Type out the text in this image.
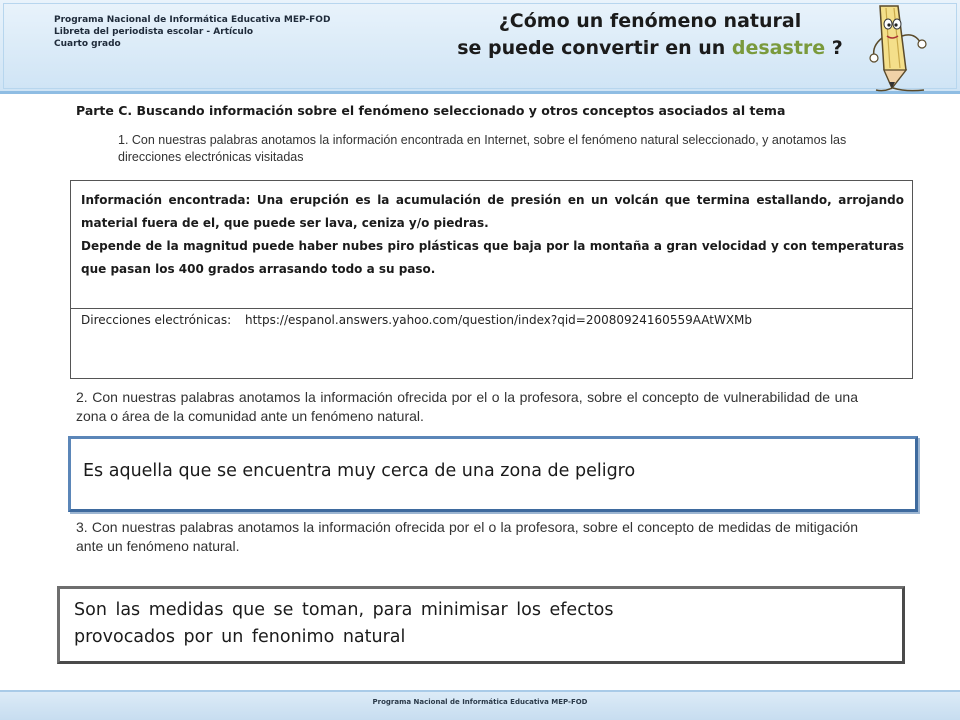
Programa Nacional de Informática Educativa MEP-FOD
Libreta del periodista escolar - Artículo
Cuarto grado
¿Cómo un fenómeno natural
se puede convertir en un desastre ?
Parte C. Buscando información sobre el fenómeno seleccionado y otros conceptos asociados al tema
1. Con nuestras palabras anotamos la información encontrada en Internet, sobre el fenómeno natural seleccionado, y anotamos las direcciones electrónicas visitadas

Información encontrada: Una erupción es la acumulación de presión en un volcán que termina estallando, arrojando material fuera de el, que puede ser lava, ceniza y/o piedras.

Depende de la magnitud puede haber nubes piro plásticas que baja por la montaña a gran velocidad y con temperaturas que pasan los 400 grados arrasando todo a su paso.

Direcciones electrónicas: https://espanol.answers.yahoo.com/question/index?qid=20080924160559AAtWXMb
2. Con nuestras palabras anotamos la información ofrecida por el o la profesora, sobre el concepto de vulnerabilidad de una zona o área de la comunidad ante un fenómeno natural.
Es aquella que se encuentra muy cerca de una zona de peligro
3. Con nuestras palabras anotamos la información ofrecida por el o la profesora, sobre el concepto de medidas de mitigación ante un fenómeno natural.
Son las medidas que se toman, para minimisar los efectos
provocados por un fenonimo natural
Programa Nacional de Informática Educativa MEP-FOD
